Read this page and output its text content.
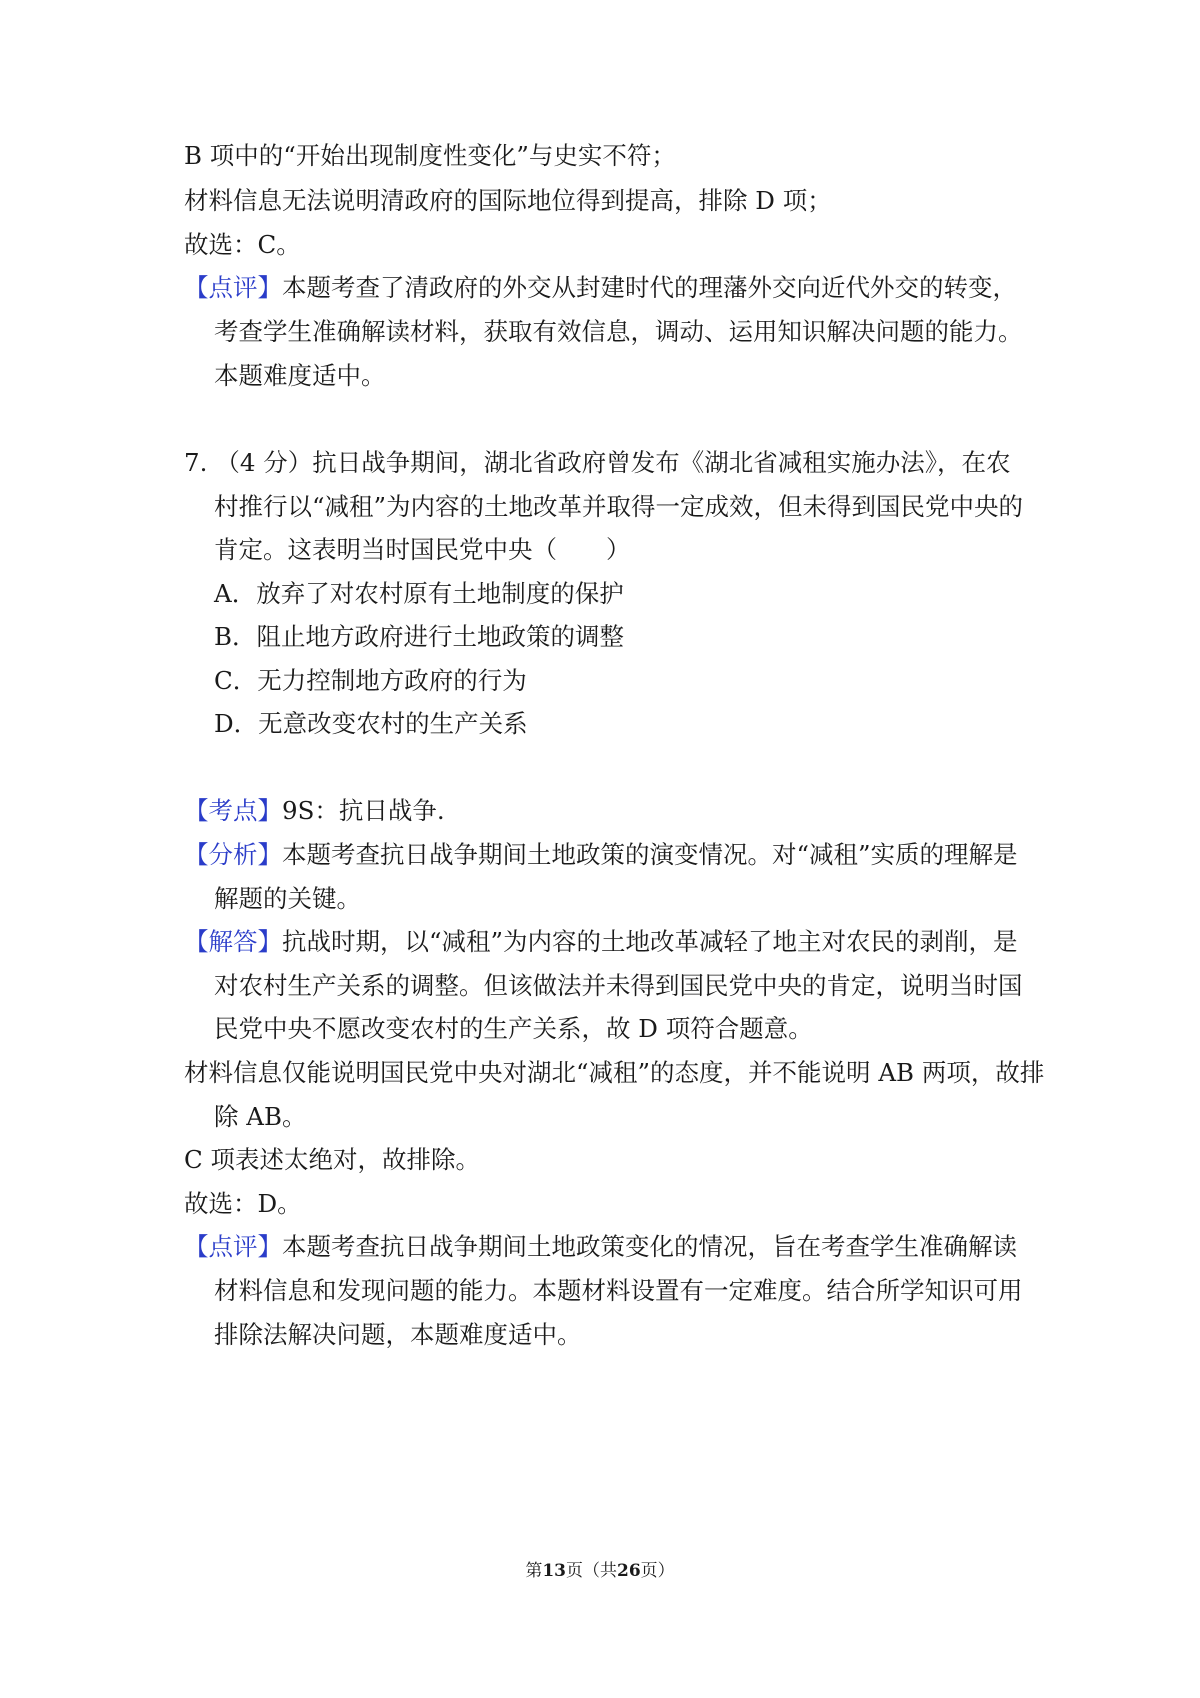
B 项中的“开始出现制度性变化”与史实不符；
材料信息无法说明清政府的国际地位得到提高，排除 D 项；
故选：C。
【点评】本题考查了清政府的外交从封建时代的理藩外交向近代外交的转变，
考查学生准确解读材料，获取有效信息，调动、运用知识解决问题的能力。
本题难度适中。
7. （4 分）抗日战争期间，湖北省政府曾发布《湖北省减租实施办法》，在农
村推行以“减租”为内容的土地改革并取得一定成效，但未得到国民党中央的
肯定。这表明当时国民党中央（　　）
A．放弃了对农村原有土地制度的保护
B．阻止地方政府进行土地政策的调整
C．无力控制地方政府的行为
D．无意改变农村的生产关系
【考点】9S：抗日战争.
【分析】本题考查抗日战争期间土地政策的演变情况。对“减租”实质的理解是
解题的关键。
【解答】抗战时期，以“减租”为内容的土地改革减轻了地主对农民的剥削，是
对农村生产关系的调整。但该做法并未得到国民党中央的肯定，说明当时国
民党中央不愿改变农村的生产关系，故 D 项符合题意。
材料信息仅能说明国民党中央对湖北“减租”的态度，并不能说明 AB 两项，故排
除 AB。
C 项表述太绝对，故排除。
故选：D。
【点评】本题考查抗日战争期间土地政策变化的情况，旨在考查学生准确解读
材料信息和发现问题的能力。本题材料设置有一定难度。结合所学知识可用
排除法解决问题，本题难度适中。
第13页（共26页）
